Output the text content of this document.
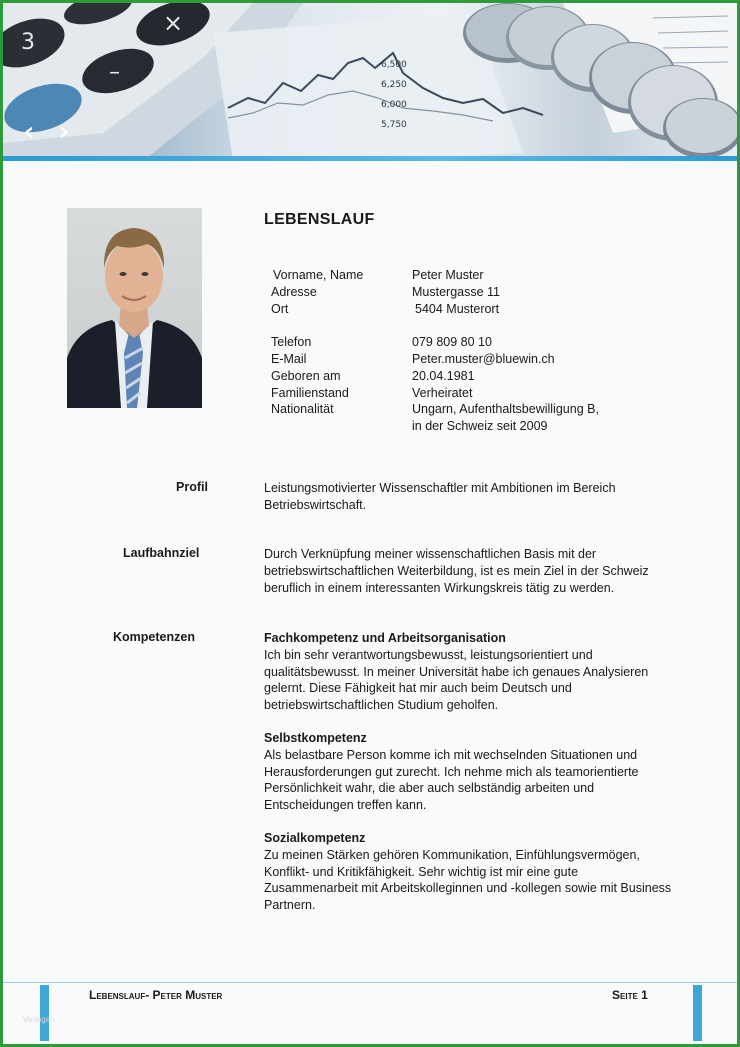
3
×
–	6,500
6,250
6,000
5,750
‹ ›
LEBENSLAUF
Vorname, Name	Peter Muster
Adresse	Mustergasse 11
Ort	5404 Musterort
Telefon	079 809 80 10
E-Mail	Peter.muster@bluewin.ch
Geboren am	20.04.1981
Familienstand	Verheiratet
Nationalität	Ungarn, Aufenthaltsbewilligung B,
in der Schweiz seit 2009
Profil	Leistungsmotivierter Wissenschaftler mit Ambitionen im Bereich
Betriebswirtschaft.
Laufbahnziel	Durch Verknüpfung meiner wissenschaftlichen Basis mit der
betriebswirtschaftlichen Weiterbildung, ist es mein Ziel in der Schweiz
beruflich in einem interessanten Wirkungskreis tätig zu werden.
Kompetenzen	Fachkompetenz und Arbeitsorganisation
Ich bin sehr verantwortungsbewusst, leistungsorientiert und
qualitätsbewusst. In meiner Universität habe ich genaues Analysieren
gelernt. Diese Fähigkeit hat mir auch beim Deutsch und
betriebswirtschaftlichen Studium geholfen.
Selbstkompetenz
Als belastbare Person komme ich mit wechselnden Situationen und
Herausforderungen gut zurecht. Ich nehme mich als teamorientierte
Persönlichkeit wahr, die aber auch selbständig arbeiten und
Entscheidungen treffen kann.
Sozialkompetenz
Zu meinen Stärken gehören Kommunikation, Einfühlungsvermögen,
Konflikt- und Kritikfähigkeit. Sehr wichtig ist mir eine gute
Zusammenarbeit mit Arbeitskolleginnen und -kollegen sowie mit Business
Partnern.
Lebenslauf- Peter Muster	Seite 1
Vorlagen
